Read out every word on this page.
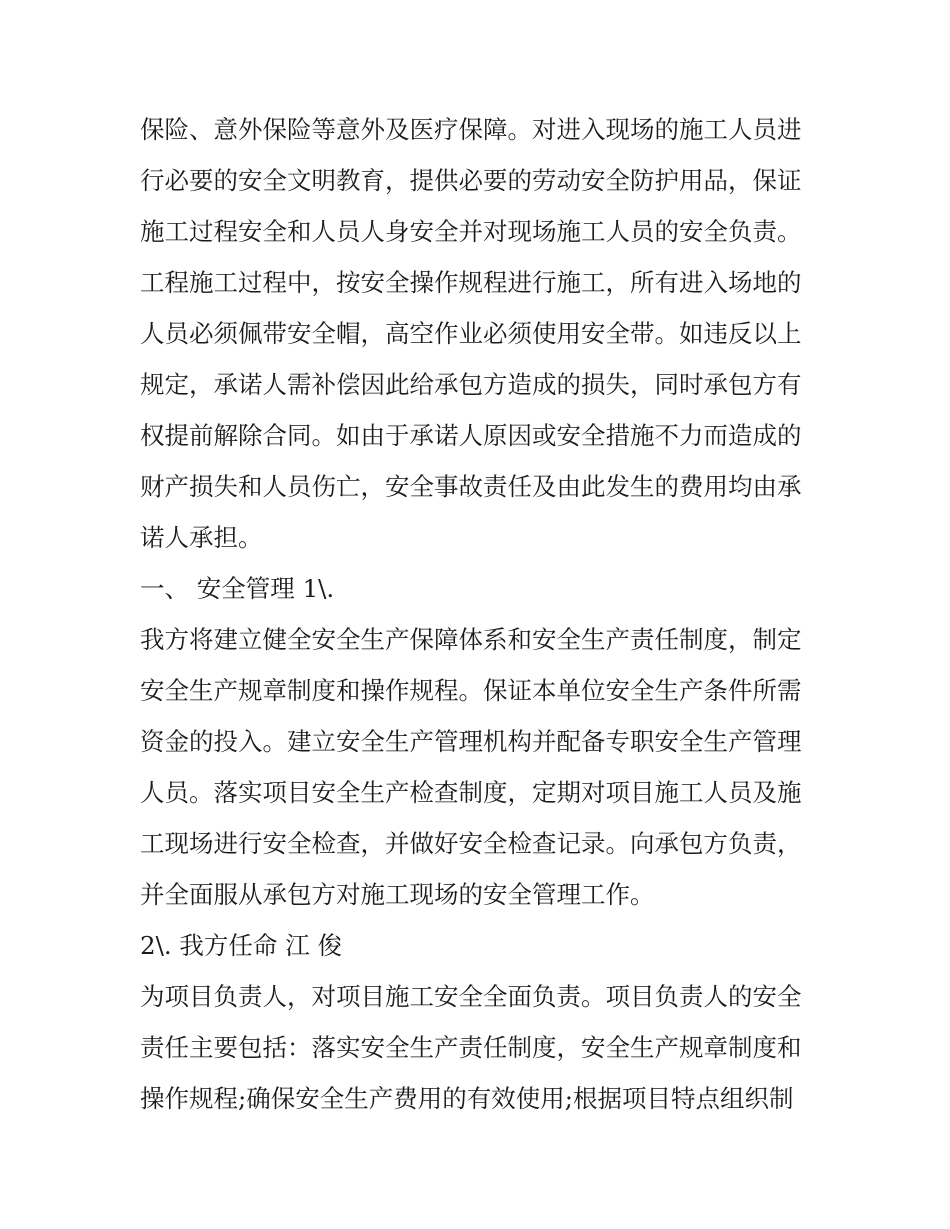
保险、意外保险等意外及医疗保障。对进入现场的施工人员进
行必要的安全文明教育，提供必要的劳动安全防护用品，保证
施工过程安全和人员人身安全并对现场施工人员的安全负责。
工程施工过程中，按安全操作规程进行施工，所有进入场地的
人员必须佩带安全帽，高空作业必须使用安全带。如违反以上
规定，承诺人需补偿因此给承包方造成的损失，同时承包方有
权提前解除合同。如由于承诺人原因或安全措施不力而造成的
财产损失和人员伤亡，安全事故责任及由此发生的费用均由承
诺人承担。
一、 安全管理 1\.
我方将建立健全安全生产保障体系和安全生产责任制度，制定
安全生产规章制度和操作规程。保证本单位安全生产条件所需
资金的投入。建立安全生产管理机构并配备专职安全生产管理
人员。落实项目安全生产检查制度，定期对项目施工人员及施
工现场进行安全检查，并做好安全检查记录。向承包方负责，
并全面服从承包方对施工现场的安全管理工作。
2\. 我方任命 江 俊
为项目负责人，对项目施工安全全面负责。项目负责人的安全
责任主要包括：落实安全生产责任制度，安全生产规章制度和
操作规程;确保安全生产费用的有效使用;根据项目特点组织制
